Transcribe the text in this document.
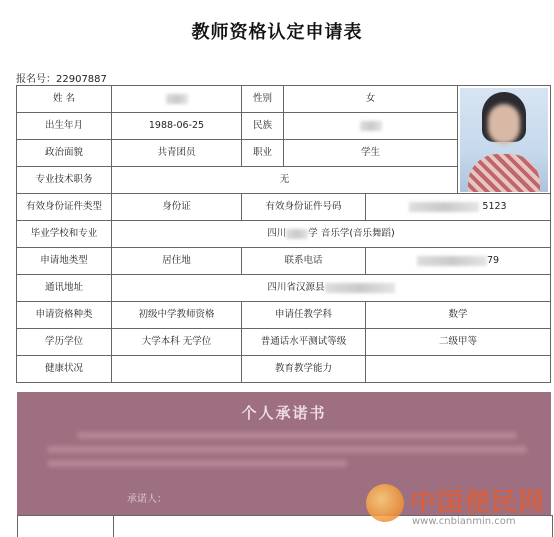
教师资格认定申请表
报名号：22907887
姓 名		性别	女		

出生年月	1988-06-25	民族			
政治面貌	共青团员	职业	学生		
专业技术职务	无				
有效身份证件类型	身份证	有效身份证件号码		5123	
毕业学校和专业	四川 学 音乐学(音乐舞蹈)				
申请地类型	居住地	联系电话		79	
通讯地址	四川省汉源县				
申请资格种类	初级中学教师资格	申请任教学科		数学	
学历学位	大学本科 无学位	普通话水平测试等级		二级甲等	
健康状况		教育教学能力			
个人承诺书
承诺人：	中国便民网
www.cnbianmin.com
